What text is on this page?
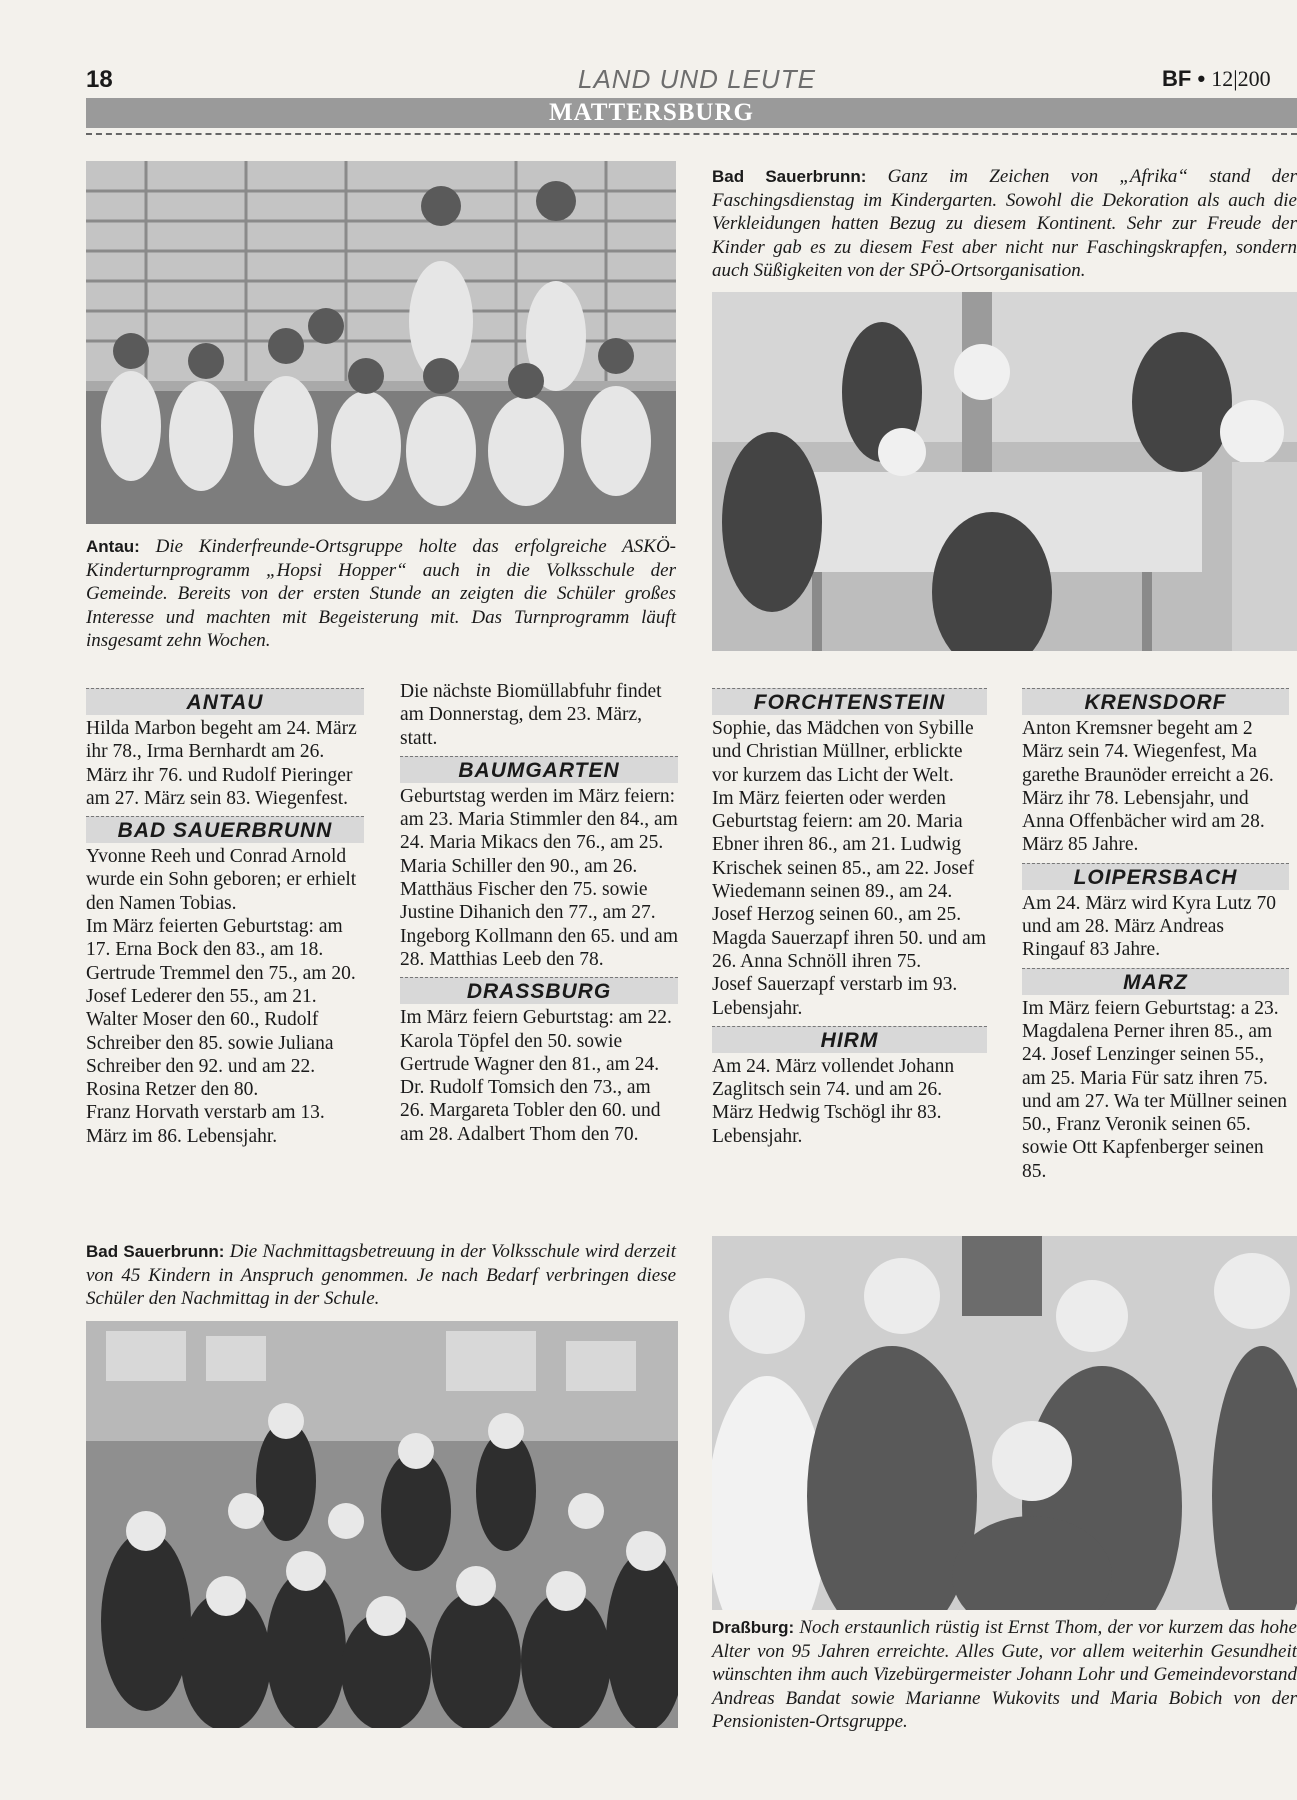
18	LAND UND LEUTE	BF • 12|200
MATTERSBURG
Antau: Die Kinderfreunde-Ortsgruppe holte das erfolgreiche ASKÖ-Kinderturnprogramm „Hopsi Hopper“ auch in die Volksschule der Gemeinde. Bereits von der ersten Stunde an zeigten die Schüler großes Interesse und machten mit Begeisterung mit. Das Turnprogramm läuft insgesamt zehn Wochen.
Bad Sauerbrunn: Ganz im Zeichen von „Afrika“ stand der Faschingsdienstag im Kindergarten. Sowohl die Dekoration als auch die Verkleidungen hatten Bezug zu diesem Kontinent. Sehr zur Freude der Kinder gab es zu diesem Fest aber nicht nur Faschingskrapfen, sondern auch Süßigkeiten von der SPÖ-Ortsorganisation.
ANTAU

Hilda Marbon begeht am 24. März ihr 78., Irma Bernhardt am 26. März ihr 76. und Rudolf Pieringer am 27. März sein 83. Wiegenfest.

BAD SAUERBRUNN

Yvonne Reeh und Conrad Arnold wurde ein Sohn geboren; er erhielt den Namen Tobias.

Im März feierten Geburtstag: am 17. Erna Bock den 83., am 18. Gertrude Tremmel den 75., am 20. Josef Lederer den 55., am 21. Walter Moser den 60., Rudolf Schreiber den 85. sowie Juliana Schreiber den 92. und am 22. Rosina Retzer den 80.

Franz Horvath verstarb am 13. März im 86. Lebensjahr.

Die nächste Biomüllabfuhr findet am Donnerstag, dem 23. März, statt.

BAUMGARTEN

Geburtstag werden im März feiern: am 23. Maria Stimmler den 84., am 24. Maria Mikacs den 76., am 25. Maria Schiller den 90., am 26. Matthäus Fischer den 75. sowie Justine Dihanich den 77., am 27. Ingeborg Kollmann den 65. und am 28. Matthias Leeb den 78.

DRASSBURG

Im März feiern Geburtstag: am 22. Karola Töpfel den 50. sowie Gertrude Wagner den 81., am 24. Dr. Rudolf Tomsich den 73., am 26. Margareta Tobler den 60. und am 28. Adalbert Thom den 70.

FORCHTENSTEIN

Sophie, das Mädchen von Sybille und Christian Müllner, erblickte vor kurzem das Licht der Welt.

Im März feierten oder werden Geburtstag feiern: am 20. Maria Ebner ihren 86., am 21. Ludwig Krischek seinen 85., am 22. Josef Wiedemann seinen 89., am 24. Josef Herzog seinen 60., am 25. Magda Sauerzapf ihren 50. und am 26. Anna Schnöll ihren 75.

Josef Sauerzapf verstarb im 93. Lebensjahr.

HIRM

Am 24. März vollendet Johann Zaglitsch sein 74. und am 26. März Hedwig Tschögl ihr 83. Lebensjahr.

KRENSDORF

Anton Kremsner begeht am 2 März sein 74. Wiegenfest, Ma garethe Braunöder erreicht a 26. März ihr 78. Lebensjahr, und Anna Offenbächer wird am 28. März 85 Jahre.

LOIPERSBACH

Am 24. März wird Kyra Lutz 70 und am 28. März Andreas Ringauf 83 Jahre.

MARZ

Im März feiern Geburtstag: a 23. Magdalena Perner ihren 85., am 24. Josef Lenzinger seinen 55., am 25. Maria Für satz ihren 75. und am 27. Wa ter Müllner seinen 50., Franz Veronik seinen 65. sowie Ott Kapfenberger seinen 85.

Bad Sauerbrunn: Die Nachmittagsbetreuung in der Volksschule wird derzeit von 45 Kindern in Anspruch genommen. Je nach Bedarf verbringen diese Schüler den Nachmittag in der Schule.
Draßburg: Noch erstaunlich rüstig ist Ernst Thom, der vor kurzem das hohe Alter von 95 Jahren erreichte. Alles Gute, vor allem weiterhin Gesundheit wünschten ihm auch Vizebürgermeister Johann Lohr und Gemeindevorstand Andreas Bandat sowie Marianne Wukovits und Maria Bobich von der Pensionisten-Ortsgruppe.
